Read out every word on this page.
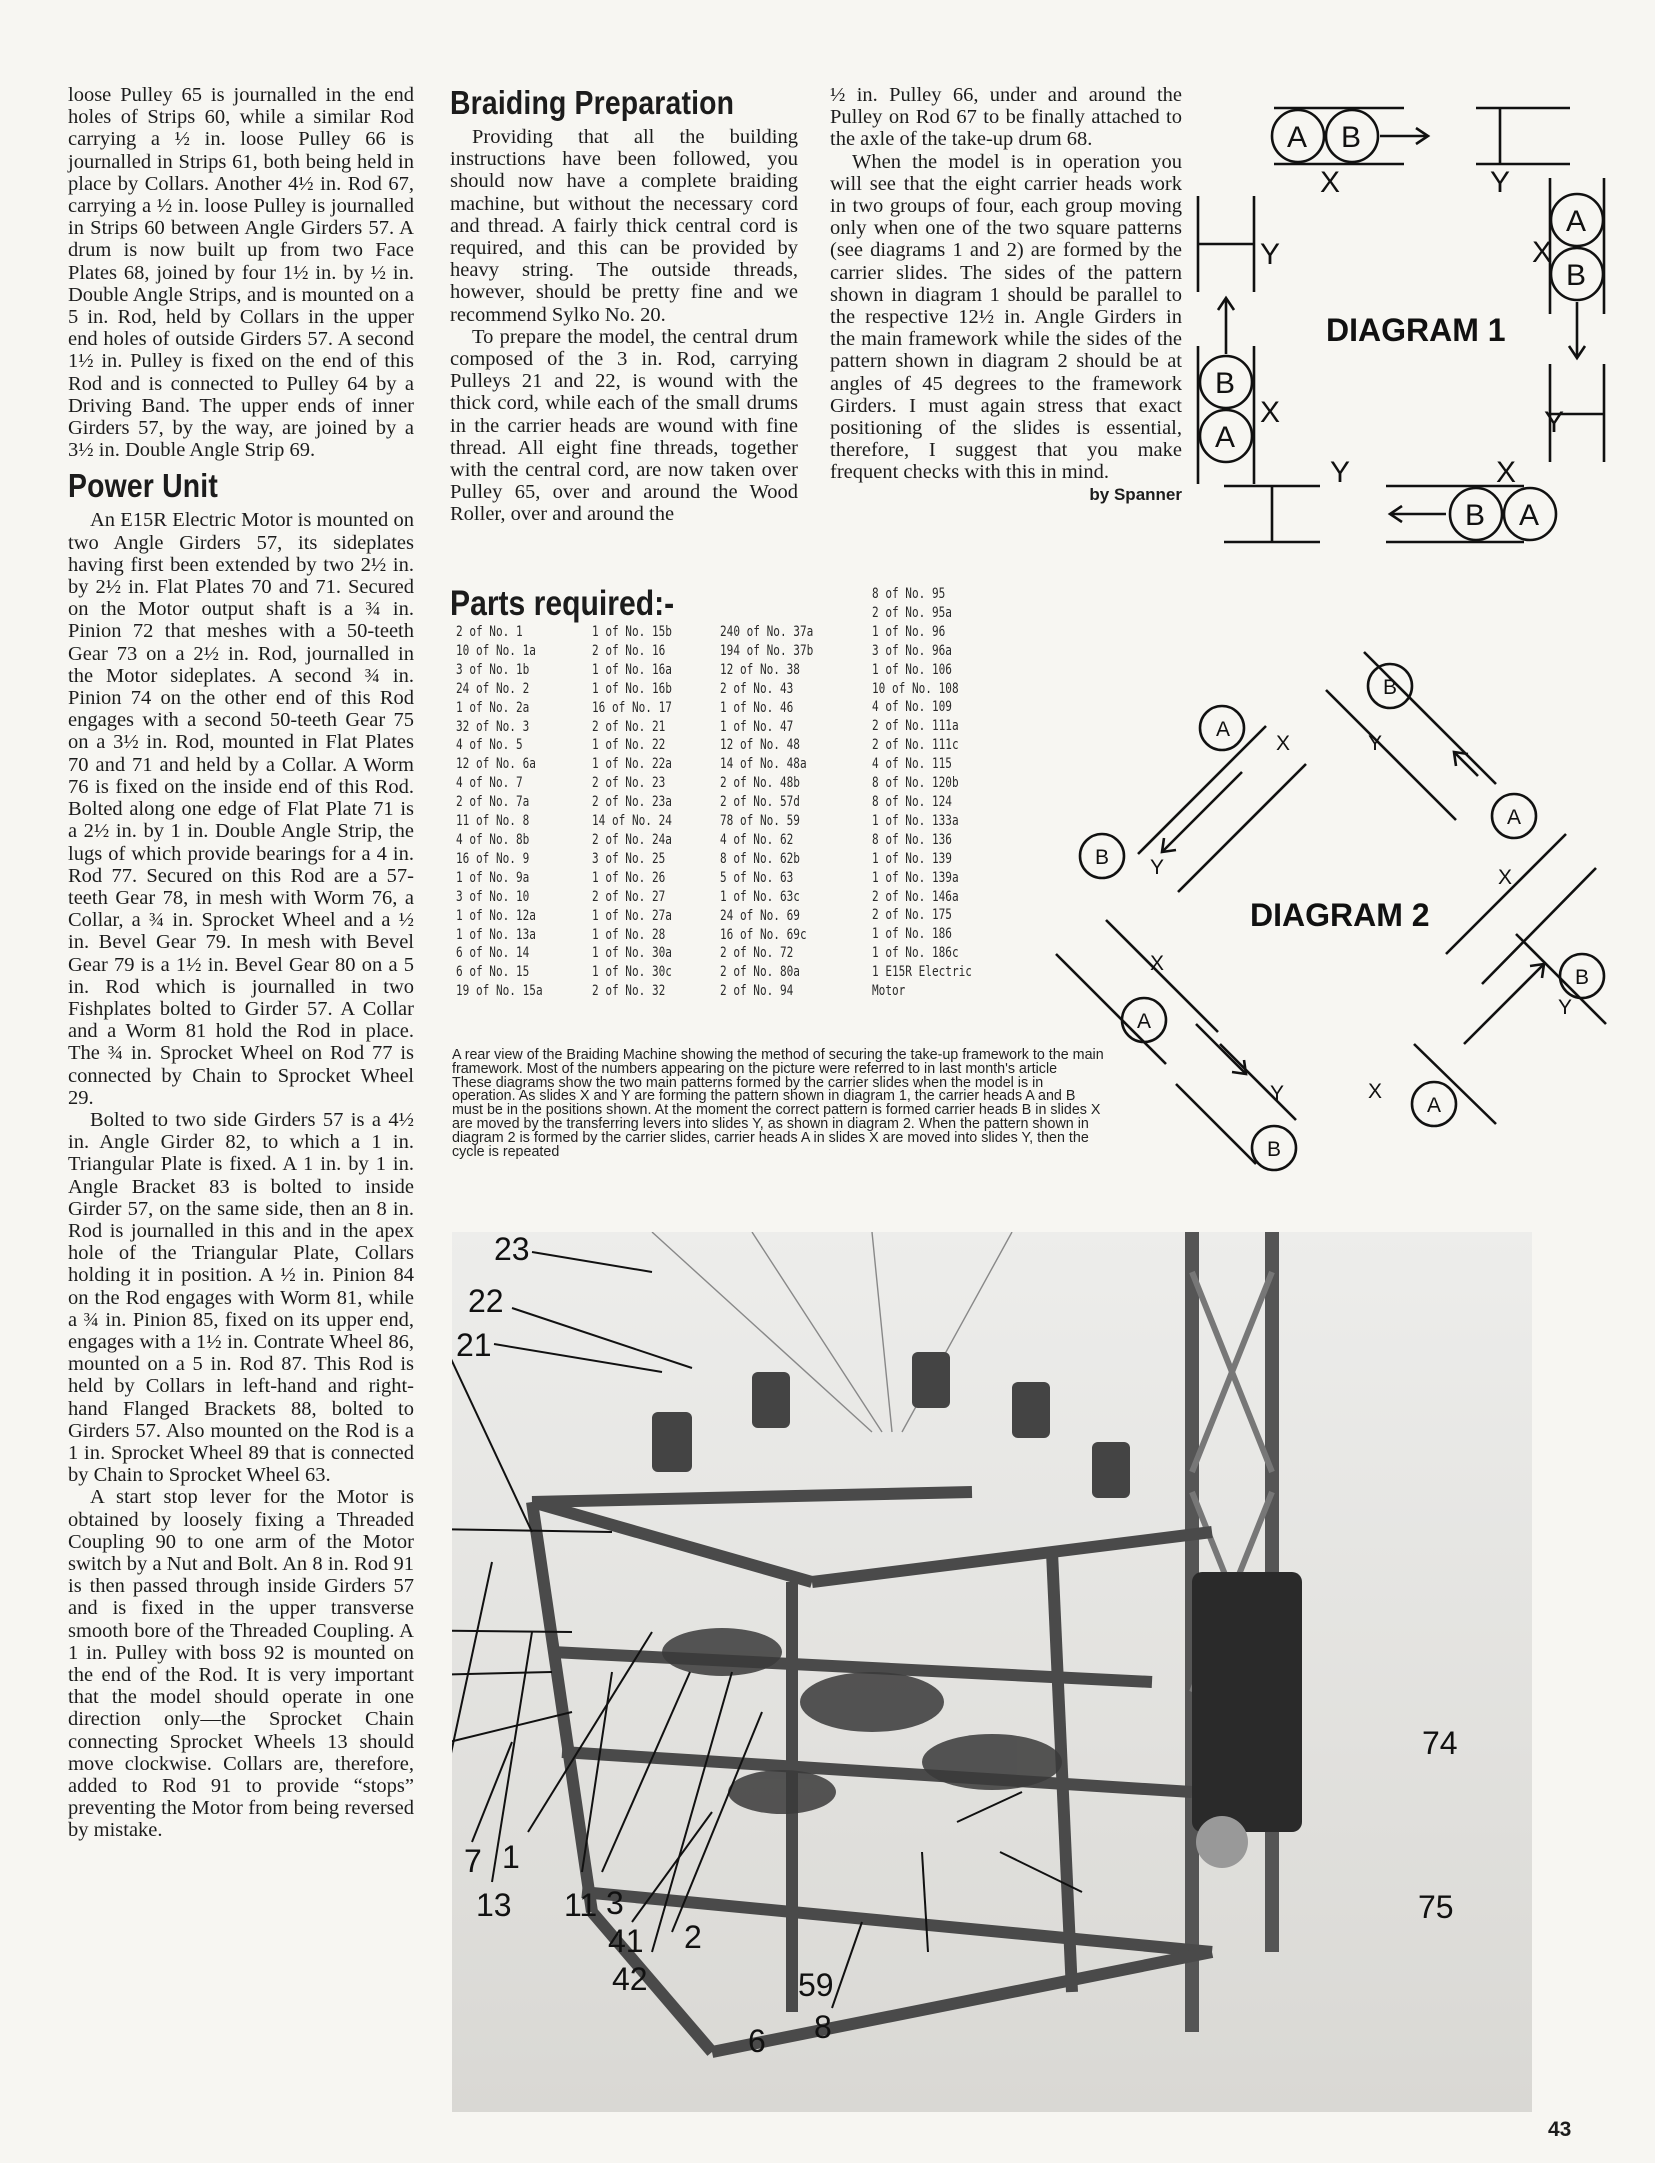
loose Pulley 65 is journalled in the end holes of Strips 60, while a similar Rod carrying a ½ in. loose Pulley 66 is journalled in Strips 61, both being held in place by Collars. Another 4½ in. Rod 67, carrying a ½ in. loose Pulley is journalled in Strips 60 between Angle Girders 57. A drum is now built up from two Face Plates 68, joined by four 1½ in. by ½ in. Double Angle Strips, and is mounted on a 5 in. Rod, held by Collars in the upper end holes of outside Girders 57. A second 1½ in. Pulley is fixed on the end of this Rod and is connected to Pulley 64 by a Driving Band. The upper ends of inner Girders 57, by the way, are joined by a 3½ in. Double Angle Strip 69.

Power Unit

An E15R Electric Motor is mounted on two Angle Girders 57, its sideplates having first been extended by two 2½ in. by 2½ in. Flat Plates 70 and 71. Secured on the Motor output shaft is a ¾ in. Pinion 72 that meshes with a 50-teeth Gear 73 on a 2½ in. Rod, journalled in the Motor sideplates. A second ¾ in. Pinion 74 on the other end of this Rod engages with a second 50-teeth Gear 75 on a 3½ in. Rod, mounted in Flat Plates 70 and 71 and held by a Collar. A Worm 76 is fixed on the inside end of this Rod. Bolted along one edge of Flat Plate 71 is a 2½ in. by 1 in. Double Angle Strip, the lugs of which provide bearings for a 4 in. Rod 77. Secured on this Rod are a 57-teeth Gear 78, in mesh with Worm 76, a Collar, a ¾ in. Sprocket Wheel and a ½ in. Bevel Gear 79. In mesh with Bevel Gear 79 is a 1½ in. Bevel Gear 80 on a 5 in. Rod which is journalled in two Fishplates bolted to Girder 57. A Collar and a Worm 81 hold the Rod in place. The ¾ in. Sprocket Wheel on Rod 77 is connected by Chain to Sprocket Wheel 29.

Bolted to two side Girders 57 is a 4½ in. Angle Girder 82, to which a 1 in. Triangular Plate is fixed. A 1 in. by 1 in. Angle Bracket 83 is bolted to inside Girder 57, on the same side, then an 8 in. Rod is journalled in this and in the apex hole of the Triangular Plate, Collars holding it in position. A ½ in. Pinion 84 on the Rod engages with Worm 81, while a ¾ in. Pinion 85, fixed on its upper end, engages with a 1½ in. Contrate Wheel 86, mounted on a 5 in. Rod 87. This Rod is held by Collars in left-hand and right-hand Flanged Brackets 88, bolted to Girders 57. Also mounted on the Rod is a 1 in. Sprocket Wheel 89 that is connected by Chain to Sprocket Wheel 63.

A start stop lever for the Motor is obtained by loosely fixing a Threaded Coupling 90 to one arm of the Motor switch by a Nut and Bolt. An 8 in. Rod 91 is then passed through inside Girders 57 and is fixed in the upper transverse smooth bore of the Threaded Coupling. A 1 in. Pulley with boss 92 is mounted on the end of the Rod. It is very important that the model should operate in one direction only—the Sprocket Chain connecting Sprocket Wheels 13 should move clockwise. Collars are, therefore, added to Rod 91 to provide “stops” preventing the Motor from being reversed by mistake.

Braiding Preparation

Providing that all the building instructions have been followed, you should now have a complete braiding machine, but without the necessary cord and thread. A fairly thick central cord is required, and this can be provided by heavy string. The outside threads, however, should be pretty fine and we recommend Sylko No. 20.

To prepare the model, the central drum composed of the 3 in. Rod, carrying Pulleys 21 and 22, is wound with the thick cord, while each of the small drums in the carrier heads are wound with fine thread. All eight fine threads, together with the central cord, are now taken over Pulley 65, over and around the Wood Roller, over and around the

½ in. Pulley 66, under and around the Pulley on Rod 67 to be finally attached to the axle of the take-up drum 68.

When the model is in operation you will see that the eight carrier heads work in two groups of four, each group moving only when one of the two square patterns (see diagrams 1 and 2) are formed by the carrier slides. The sides of the pattern shown in diagram 1 should be parallel to the respective 12½ in. Angle Girders in the main framework while the sides of the pattern shown in diagram 2 should be at angles of 45 degrees to the framework Girders. I must again stress that exact positioning of the slides is essential, therefore, I suggest that you make frequent checks with this in mind.

by Spanner
Parts required:-
2 of No. 1
10 of No. 1a
3 of No. 1b
24 of No. 2
1 of No. 2a
32 of No. 3
4 of No. 5
12 of No. 6a
4 of No. 7
2 of No. 7a
11 of No. 8
4 of No. 8b
16 of No. 9
1 of No. 9a
3 of No. 10
1 of No. 12a
1 of No. 13a
6 of No. 14
6 of No. 15
19 of No. 15a
1 of No. 15b
2 of No. 16
1 of No. 16a
1 of No. 16b
16 of No. 17
2 of No. 21
1 of No. 22
1 of No. 22a
2 of No. 23
2 of No. 23a
14 of No. 24
2 of No. 24a
3 of No. 25
1 of No. 26
2 of No. 27
1 of No. 27a
1 of No. 28
1 of No. 30a
1 of No. 30c
2 of No. 32
240 of No. 37a
194 of No. 37b
12 of No. 38
2 of No. 43
1 of No. 46
1 of No. 47
12 of No. 48
14 of No. 48a
2 of No. 48b
2 of No. 57d
78 of No. 59
4 of No. 62
8 of No. 62b
5 of No. 63
1 of No. 63c
24 of No. 69
16 of No. 69c
2 of No. 72
2 of No. 80a
2 of No. 94
8 of No. 95
2 of No. 95a
1 of No. 96
3 of No. 96a
1 of No. 106
10 of No. 108
4 of No. 109
2 of No. 111a
2 of No. 111c
4 of No. 115
8 of No. 120b
8 of No. 124
1 of No. 133a
8 of No. 136
1 of No. 139
1 of No. 139a
2 of No. 146a
2 of No. 175
1 of No. 186
1 of No. 186c
1 E15R Electric
Motor

A rear view of the Braiding Machine showing the method of securing the take-up framework to the main framework. Most of the numbers appearing on the picture were referred to in last month's article

These diagrams show the two main patterns formed by the carrier slides when the model is in operation. As slides X and Y are forming the pattern shown in diagram 1, the carrier heads A and B must be in the positions shown. At the moment the correct pattern is formed carrier heads B in slides X are moved by the transferring levers into slides Y, as shown in diagram 2. When the pattern shown in diagram 2 is formed by the carrier slides, carrier heads A in slides X are moved into slides Y, then the cycle is repeated

A B
A
B
B
A
B A
X	Y
Y	X
X	Y
Y	X
DIAGRAM 1
A
B
A
B
A
B
A
B
X	Y
X
Y
X
Y
Y
X
DIAGRAM 2
23
22
21
7
13
1
11 3
41
42
2
59
6 8
74
75
43
